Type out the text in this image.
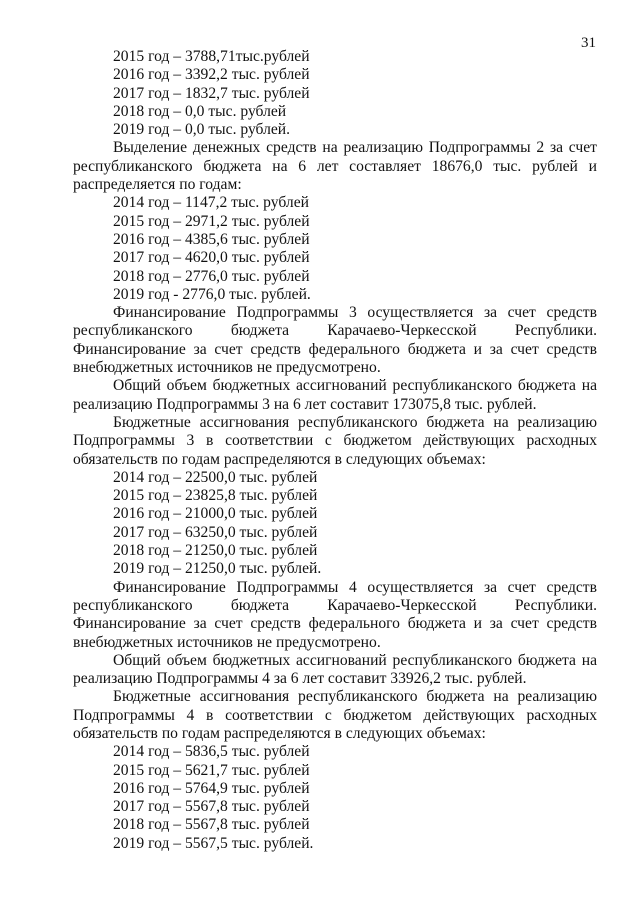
31
2015 год – 3788,71тыс.рублей
2016 год – 3392,2 тыс. рублей
2017 год – 1832,7 тыс. рублей
2018 год – 0,0 тыс. рублей
2019 год – 0,0 тыс. рублей.
Выделение денежных средств на реализацию Подпрограммы 2 за счет республиканского бюджета на 6 лет составляет 18676,0 тыс. рублей и распределяется по годам:
2014 год – 1147,2 тыс. рублей
2015 год – 2971,2 тыс. рублей
2016 год – 4385,6 тыс. рублей
2017 год – 4620,0 тыс. рублей
2018 год – 2776,0 тыс. рублей
2019 год - 2776,0 тыс. рублей.
Финансирование Подпрограммы 3 осуществляется за счет средств республиканского бюджета Карачаево-Черкесской Республики. Финансирование за счет средств федерального бюджета и за счет средств внебюджетных источников не предусмотрено.
Общий объем бюджетных ассигнований республиканского бюджета на реализацию Подпрограммы 3 на 6 лет составит 173075,8 тыс. рублей.
Бюджетные ассигнования республиканского бюджета на реализацию Подпрограммы 3 в соответствии с бюджетом действующих расходных обязательств по годам распределяются в следующих объемах:
2014 год – 22500,0 тыс. рублей
2015 год – 23825,8 тыс. рублей
2016 год – 21000,0 тыс. рублей
2017 год – 63250,0 тыс. рублей
2018 год – 21250,0 тыс. рублей
2019 год – 21250,0 тыс. рублей.
Финансирование Подпрограммы 4 осуществляется за счет средств республиканского бюджета Карачаево-Черкесской Республики. Финансирование за счет средств федерального бюджета и за счет средств внебюджетных источников не предусмотрено.
Общий объем бюджетных ассигнований республиканского бюджета на реализацию Подпрограммы 4 за 6 лет составит 33926,2 тыс. рублей.
Бюджетные ассигнования республиканского бюджета на реализацию Подпрограммы 4 в соответствии с бюджетом действующих расходных обязательств по годам распределяются в следующих объемах:
2014 год – 5836,5 тыс. рублей
2015 год – 5621,7 тыс. рублей
2016 год – 5764,9 тыс. рублей
2017 год – 5567,8 тыс. рублей
2018 год – 5567,8 тыс. рублей
2019 год – 5567,5 тыс. рублей.
